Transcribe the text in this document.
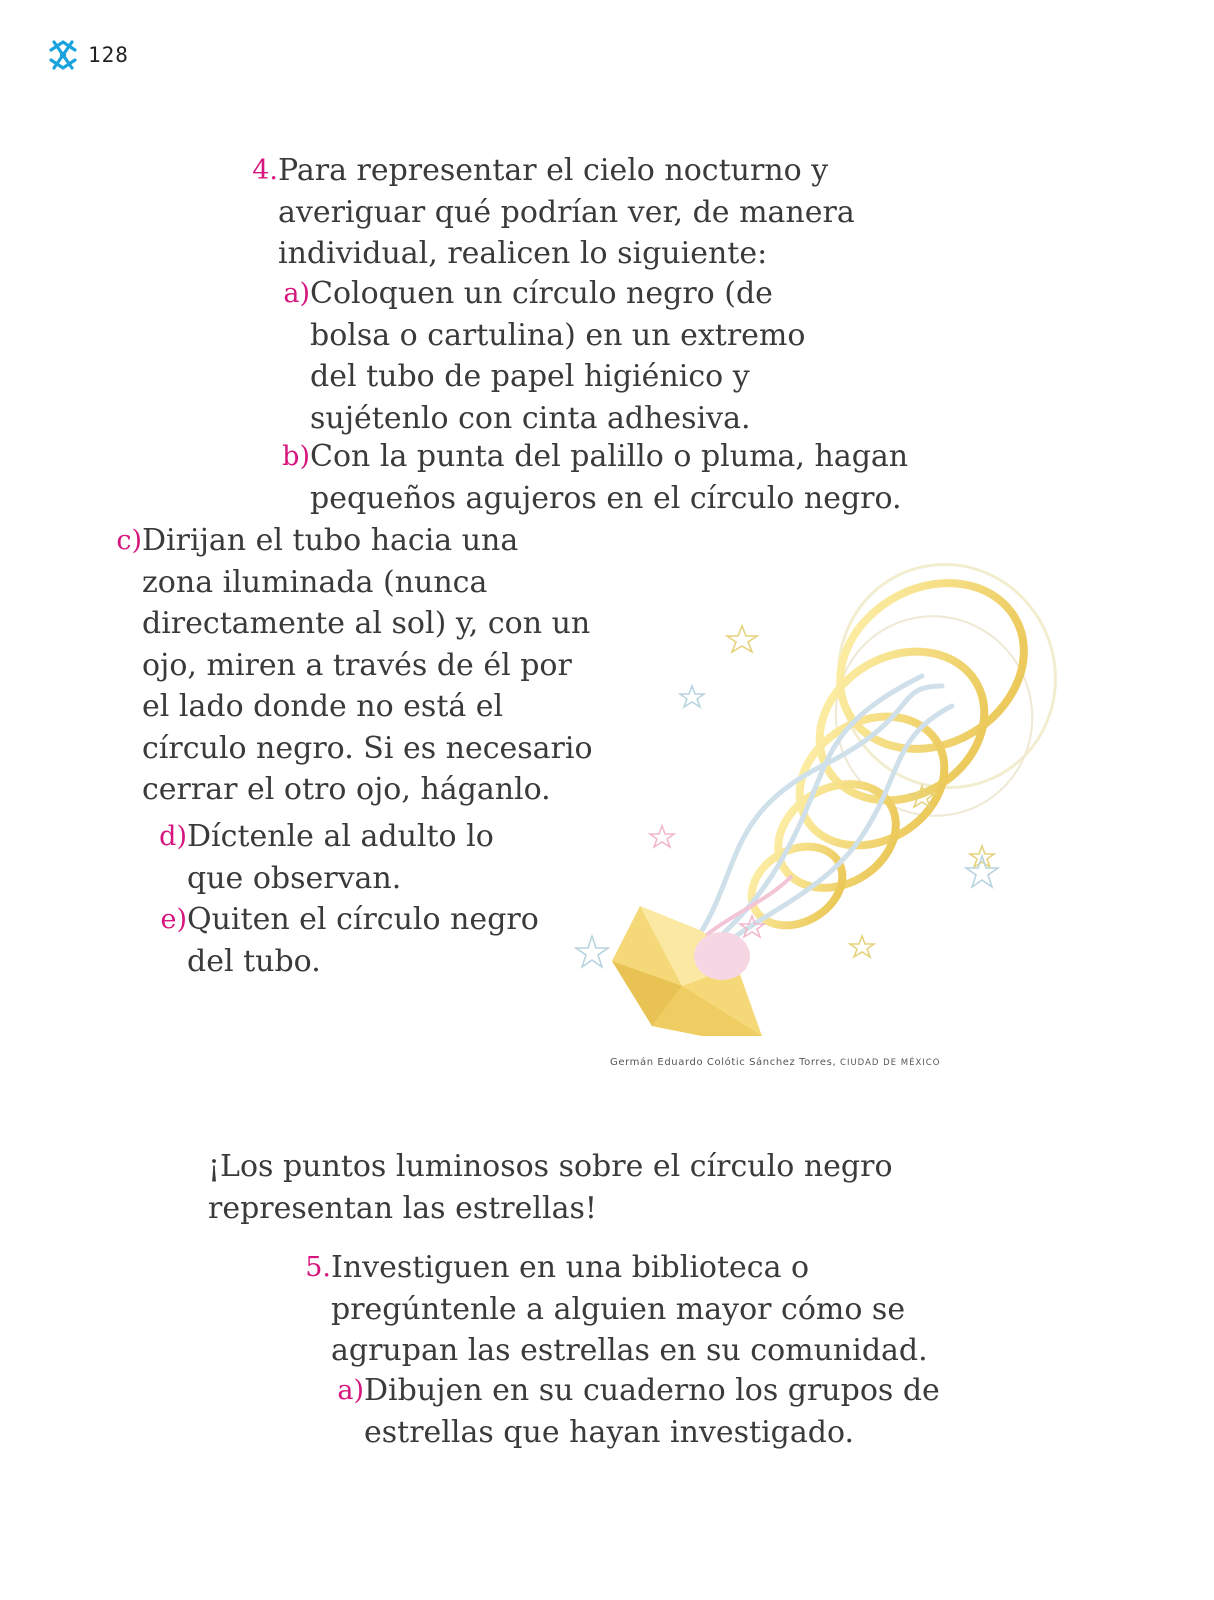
128
4. Para representar el cielo nocturno y averiguar qué podrían ver, de manera individual, realicen lo siguiente:
a) Coloquen un círculo negro (de bolsa o cartulina) en un extremo del tubo de papel higiénico y sujétenlo con cinta adhesiva.
b) Con la punta del palillo o pluma, hagan pequeños agujeros en el círculo negro.
c) Dirijan el tubo hacia una zona iluminada (nunca directamente al sol) y, con un ojo, miren a través de él por el lado donde no está el círculo negro. Si es necesario cerrar el otro ojo, háganlo.
d) Díctenle al adulto lo que observan.
e) Quiten el círculo negro del tubo.
Germán Eduardo Colótic Sánchez Torres, CIUDAD DE MÉXICO

¡Los puntos luminosos sobre el círculo negro representan las estrellas!

5. Investiguen en una biblioteca o pregúntenle a alguien mayor cómo se agrupan las estrellas en su comunidad.
a) Dibujen en su cuaderno los grupos de estrellas que hayan investigado.
